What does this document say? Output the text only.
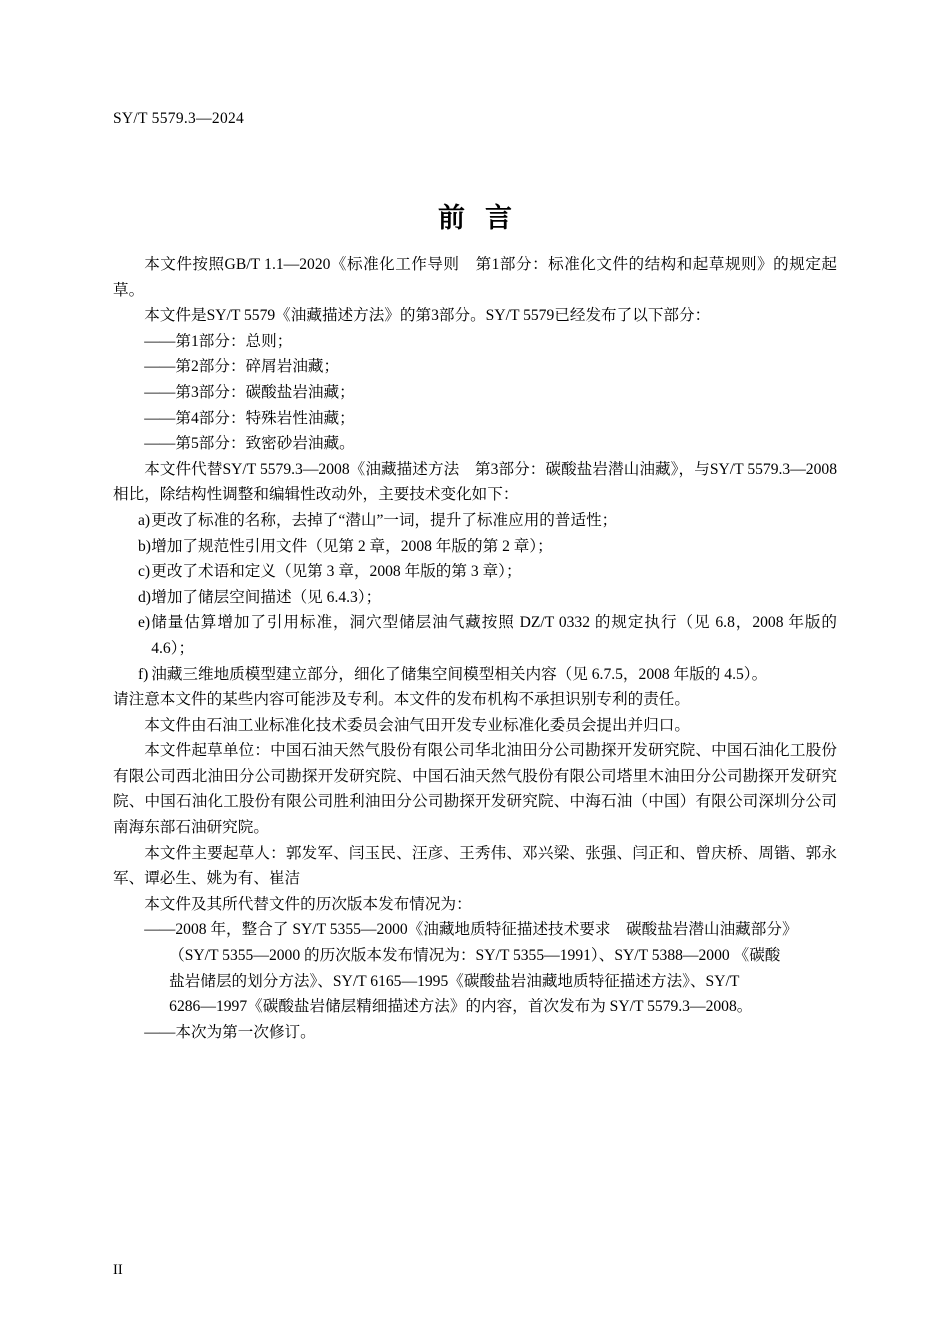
SY/T 5579.3—2024
前言

本文件按照GB/T 1.1—2020《标准化工作导则　第1部分：标准化文件的结构和起草规则》的规定起草。

本文件是SY/T 5579《油藏描述方法》的第3部分。SY/T 5579已经发布了以下部分：

——第1部分：总则；

——第2部分：碎屑岩油藏；

——第3部分：碳酸盐岩油藏；

——第4部分：特殊岩性油藏；

——第5部分：致密砂岩油藏。

本文件代替SY/T 5579.3—2008《油藏描述方法　第3部分：碳酸盐岩潜山油藏》，与SY/T 5579.3—2008相比，除结构性调整和编辑性改动外，主要技术变化如下：

a) 更改了标准的名称，去掉了“潜山”一词，提升了标准应用的普适性；

b) 增加了规范性引用文件（见第 2 章，2008 年版的第 2 章）；

c) 更改了术语和定义（见第 3 章，2008 年版的第 3 章）；

d) 增加了储层空间描述（见 6.4.3）；

e) 储量估算增加了引用标准，洞穴型储层油气藏按照 DZ/T 0332 的规定执行（见 6.8，2008 年版的 4.6）；

f) 油藏三维地质模型建立部分，细化了储集空间模型相关内容（见 6.7.5，2008 年版的 4.5）。

请注意本文件的某些内容可能涉及专利。本文件的发布机构不承担识别专利的责任。

本文件由石油工业标准化技术委员会油气田开发专业标准化委员会提出并归口。

本文件起草单位：中国石油天然气股份有限公司华北油田分公司勘探开发研究院、中国石油化工股份有限公司西北油田分公司勘探开发研究院、中国石油天然气股份有限公司塔里木油田分公司勘探开发研究院、中国石油化工股份有限公司胜利油田分公司勘探开发研究院、中海石油（中国）有限公司深圳分公司南海东部石油研究院。

本文件主要起草人：郭发军、闫玉民、汪彦、王秀伟、邓兴梁、张强、闫正和、曾庆桥、周锴、郭永军、谭必生、姚为有、崔洁

本文件及其所代替文件的历次版本发布情况为：

——2008 年，整合了 SY/T 5355—2000《油藏地质特征描述技术要求　碳酸盐岩潜山油藏部分》

（SY/T 5355—2000 的历次版本发布情况为：SY/T 5355—1991）、SY/T 5388—2000 《碳酸

盐岩储层的划分方法》、SY/T 6165—1995《碳酸盐岩油藏地质特征描述方法》、SY/T

6286—1997《碳酸盐岩储层精细描述方法》的内容，首次发布为 SY/T 5579.3—2008。

——本次为第一次修订。

II
